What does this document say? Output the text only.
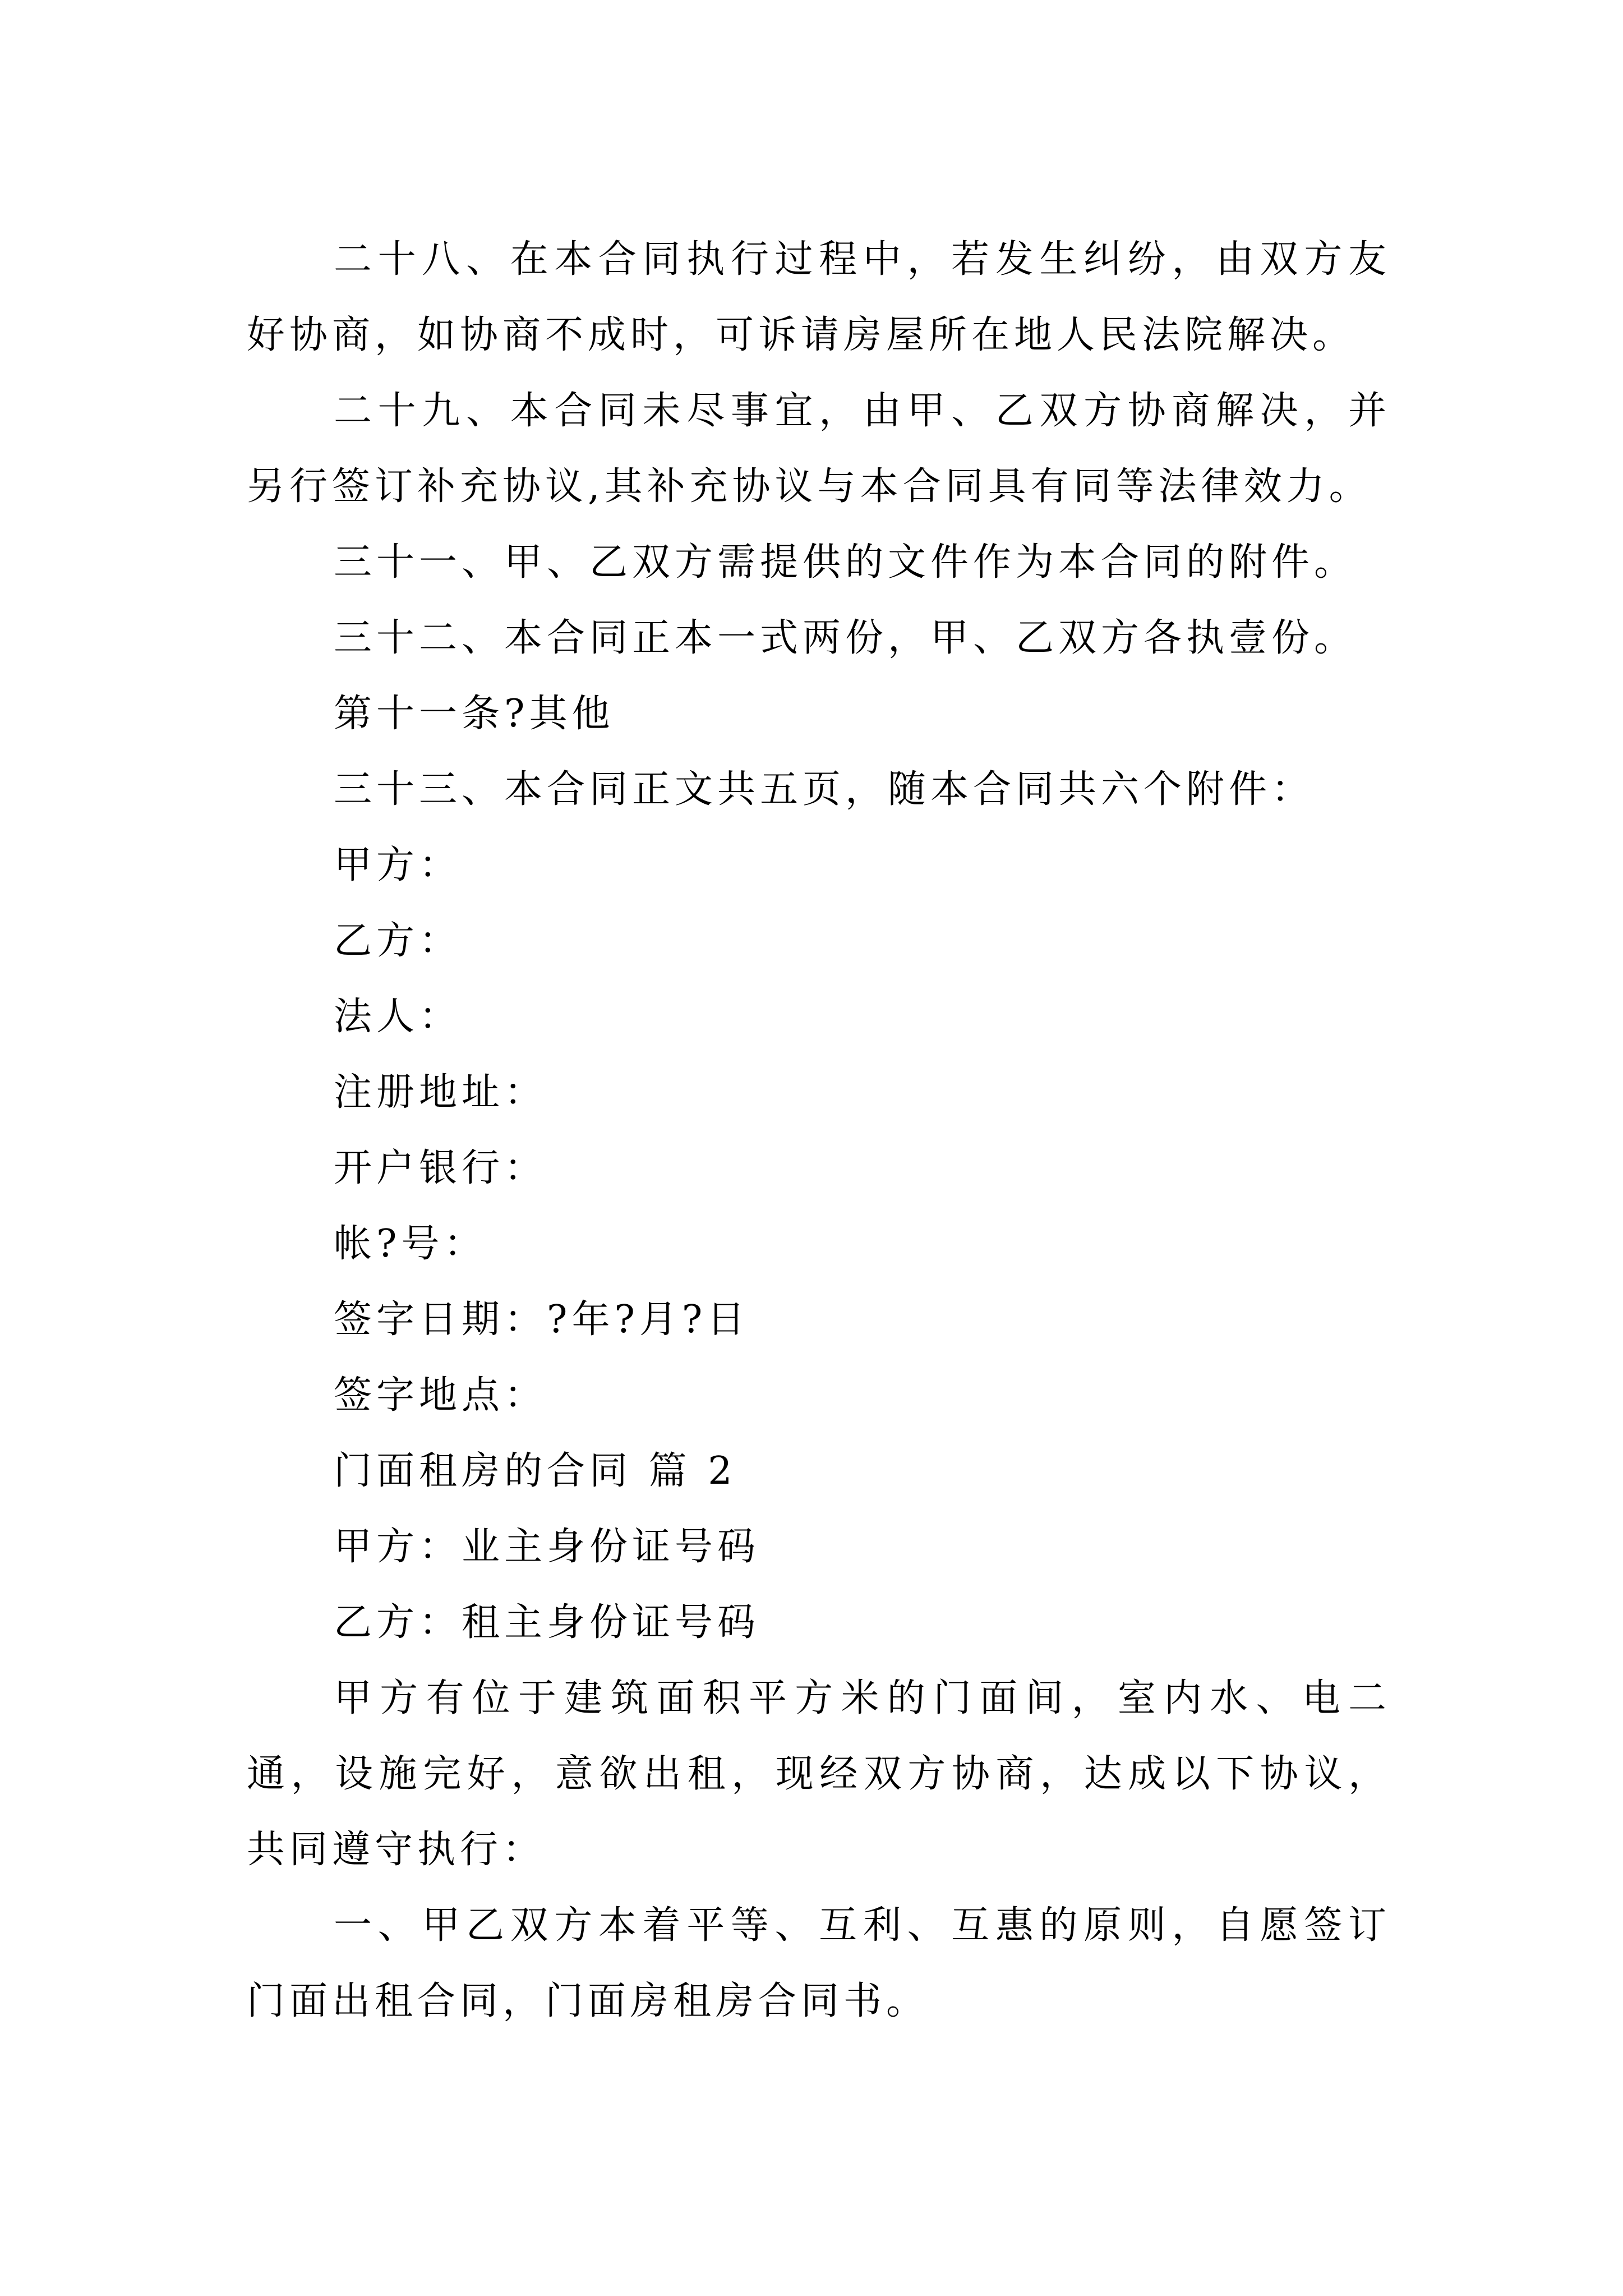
二十八、在本合同执行过程中，若发生纠纷，由双方友好协商，如协商不成时，可诉请房屋所在地人民法院解决。

二十九、本合同未尽事宜，由甲、乙双方协商解决，并另行签订补充协议,其补充协议与本合同具有同等法律效力。

三十一、甲、乙双方需提供的文件作为本合同的附件。

三十二、本合同正本一式两份，甲、乙双方各执壹份。

第十一条?其他

三十三、本合同正文共五页，随本合同共六个附件：

甲方：

乙方：

法人：

注册地址：

开户银行：

帐?号：

签字日期：?年?月?日

签字地点：

门面租房的合同 篇 2

甲方：业主身份证号码

乙方：租主身份证号码

甲方有位于建筑面积平方米的门面间，室内水、电二通，设施完好，意欲出租，现经双方协商，达成以下协议，共同遵守执行：

一、甲乙双方本着平等、互利、互惠的原则，自愿签订门面出租合同，门面房租房合同书。
